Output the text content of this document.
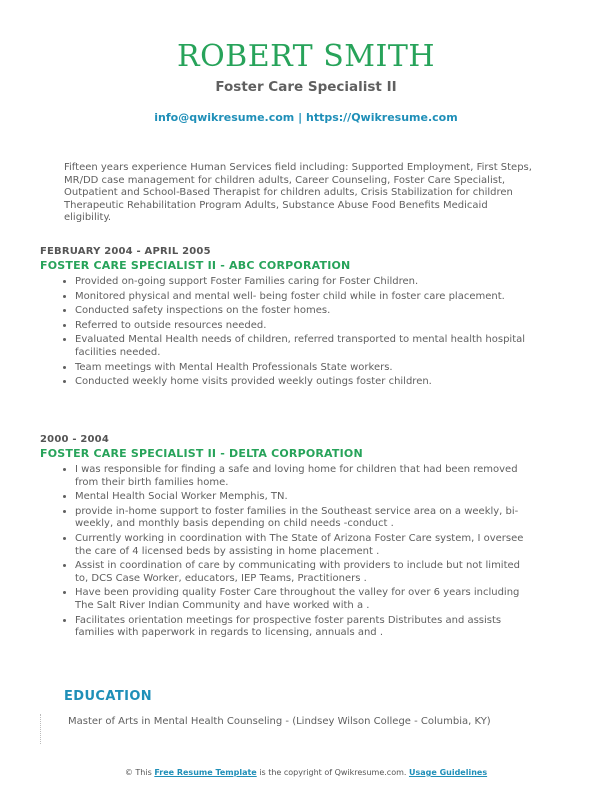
ROBERT SMITH
Foster Care Specialist II
info@qwikresume.com | https://Qwikresume.com

Fifteen years experience Human Services field including: Supported Employment, First Steps, MR/DD case management for children adults, Career Counseling, Foster Care Specialist, Outpatient and School-Based Therapist for children adults, Crisis Stabilization for children Therapeutic Rehabilitation Program Adults, Substance Abuse Food Benefits Medicaid eligibility.

FEBRUARY 2004 - APRIL 2005
FOSTER CARE SPECIALIST II - ABC CORPORATION
• Provided on-going support Foster Families caring for Foster Children.
• Monitored physical and mental well- being foster child while in foster care placement.
• Conducted safety inspections on the foster homes.
• Referred to outside resources needed.
• Evaluated Mental Health needs of children, referred transported to mental health hospital facilities needed.
• Team meetings with Mental Health Professionals State workers.
• Conducted weekly home visits provided weekly outings foster children.
2000 - 2004
FOSTER CARE SPECIALIST II - DELTA CORPORATION
• I was responsible for finding a safe and loving home for children that had been removed from their birth families home.
• Mental Health Social Worker Memphis, TN.
• provide in-home support to foster families in the Southeast service area on a weekly, bi-weekly, and monthly basis depending on child needs -conduct .
• Currently working in coordination with The State of Arizona Foster Care system, I oversee the care of 4 licensed beds by assisting in home placement .
• Assist in coordination of care by communicating with providers to include but not limited to, DCS Case Worker, educators, IEP Teams, Practitioners .
• Have been providing quality Foster Care throughout the valley for over 6 years including The Salt River Indian Community and have worked with a .
• Facilitates orientation meetings for prospective foster parents Distributes and assists families with paperwork in regards to licensing, annuals and .
EDUCATION
Master of Arts in Mental Health Counseling - (Lindsey Wilson College - Columbia, KY)
© This Free Resume Template is the copyright of Qwikresume.com. Usage Guidelines
